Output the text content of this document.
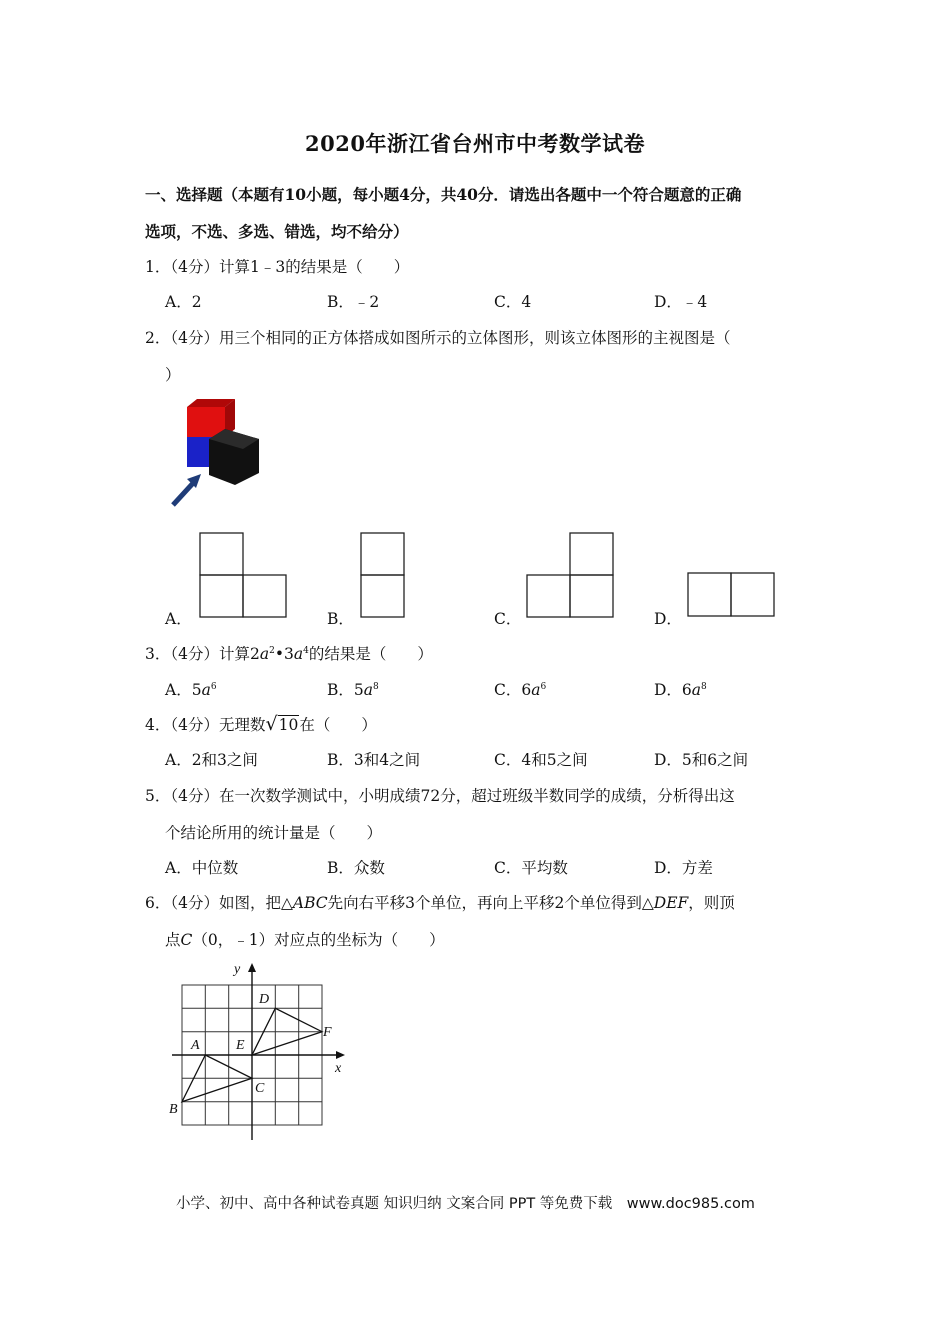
2020年浙江省台州市中考数学试卷
一、选择题（本题有10小题，每小题4分，共40分．请选出各题中一个符合题意的正确
选项，不选、多选、错选，均不给分）
1．（4分）计算1﹣3的结果是（　　）
A．2	B．﹣2	C．4	D．﹣4
2．（4分）用三个相同的正方体搭成如图所示的立体图形，则该立体图形的主视图是（
）
A．	B．	C．	D．
3．（4分）计算$2a^2•3a^4$的结果是（　　）
A．$5a^6$	B．$5a^8$	C．$6a^6$	D．$6a^8$
4．（4分）无理数√10在（　　）
A．2和3之间	B．3和4之间	C．4和5之间	D．5和6之间
5．（4分）在一次数学测试中，小明成绩72分，超过班级半数同学的成绩，分析得出这
个结论所用的统计量是（　　）
A．中位数	B．众数	C．平均数	D．方差
6．（4分）如图，把△ABC先向右平移3个单位，再向上平移2个单位得到△DEF，则顶
点C（0，﹣1）对应点的坐标为（　　）
y
x
A
B
C
D
E
F
小学、初中、高中各种试卷真题 知识归纳 文案合同 PPT 等免费下载　www.doc985.com
